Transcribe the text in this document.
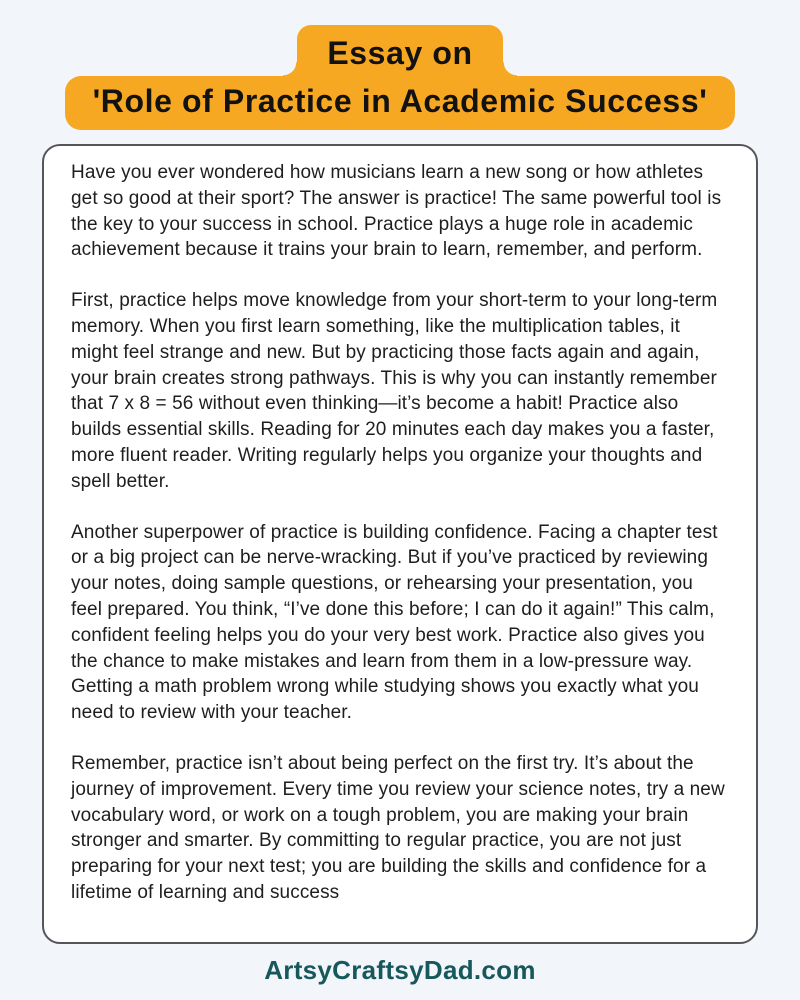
Essay on
'Role of Practice in Academic Success'

Have you ever wondered how musicians learn a new song or how athletes get so good at their sport? The answer is practice! The same powerful tool is the key to your success in school. Practice plays a huge role in academic achievement because it trains your brain to learn, remember, and perform.

First, practice helps move knowledge from your short-term to your long-term memory. When you first learn something, like the multiplication tables, it might feel strange and new. But by practicing those facts again and again, your brain creates strong pathways. This is why you can instantly remember that 7 x 8 = 56 without even thinking—it’s become a habit! Practice also builds essential skills. Reading for 20 minutes each day makes you a faster, more fluent reader. Writing regularly helps you organize your thoughts and spell better.

Another superpower of practice is building confidence. Facing a chapter test or a big project can be nerve-wracking. But if you’ve practiced by reviewing your notes, doing sample questions, or rehearsing your presentation, you feel prepared. You think, “I’ve done this before; I can do it again!” This calm, confident feeling helps you do your very best work. Practice also gives you the chance to make mistakes and learn from them in a low-pressure way. Getting a math problem wrong while studying shows you exactly what you need to review with your teacher.

Remember, practice isn’t about being perfect on the first try. It’s about the journey of improvement. Every time you review your science notes, try a new vocabulary word, or work on a tough problem, you are making your brain stronger and smarter. By committing to regular practice, you are not just preparing for your next test; you are building the skills and confidence for a lifetime of learning and success

ArtsyCraftsyDad.com
